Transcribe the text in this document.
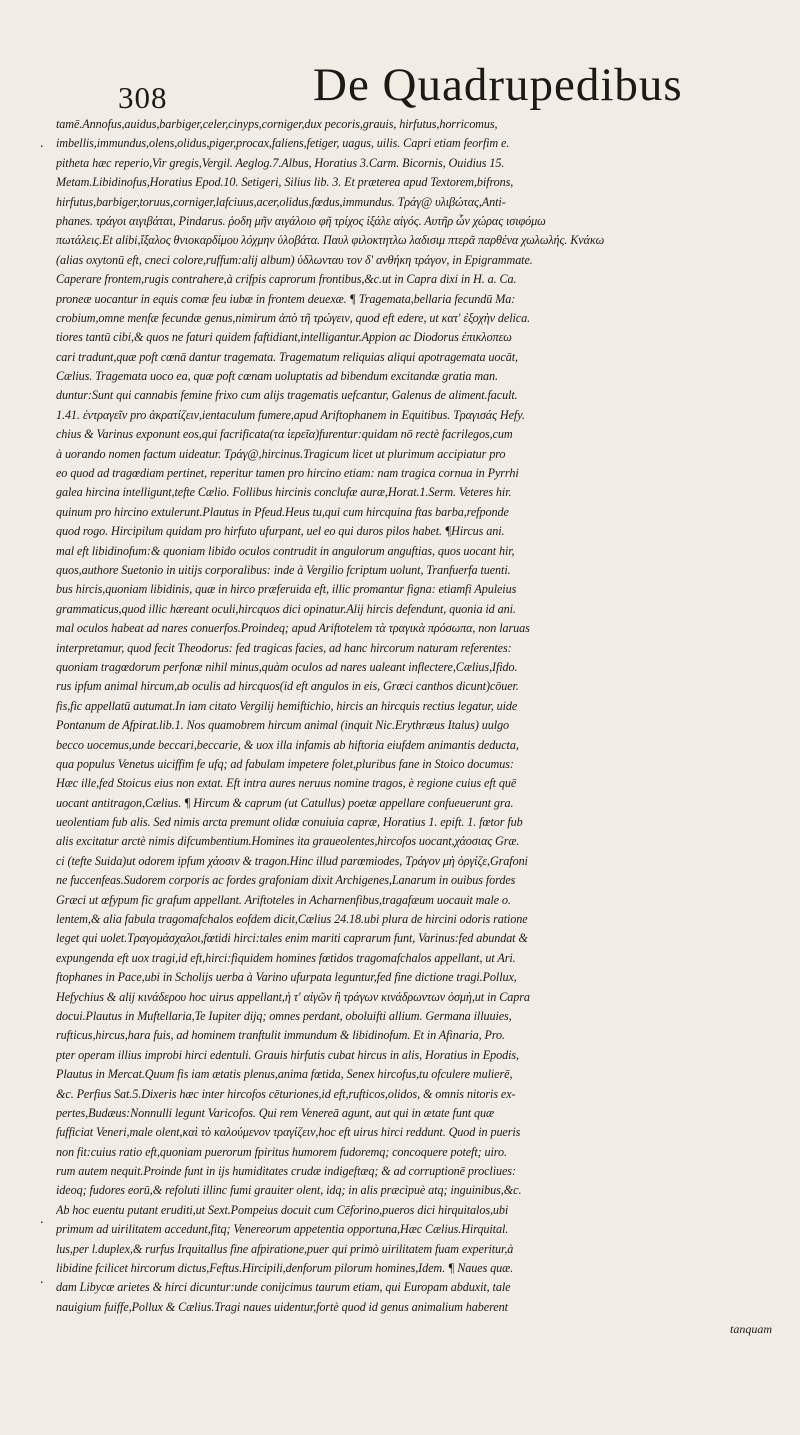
308	De Quadrupedibus
.
.
.
tamē.Annofus,auidus,barbiger,celer,cinyps,corniger,dux pecoris,grauis, hirfutus,horricomus,
imbellis,immundus,olens,olidus,piger,procax,faliens,fetiger, uagus, uilis. Capri etiam feorfim e.
pitheta hæc reperio,Vir gregis,Vergil. Aeglog.7.Albus, Horatius 3.Carm. Bicornis, Ouidius 15.
Metam.Libidinofus,Horatius Epod.10. Setigeri, Silius lib. 3. Et præterea apud Textorem,bifrons,
hirfutus,barbiger,toruus,corniger,lafciuus,acer,olidus,fœdus,immundus. Τράγ@ υλιβώτας,Anti-
phanes. τράγοι αιγιβάται, Pindarus. ῥοδη μῆν αιγάλοιο φῆ τρίχος ἰξάλε αἰγός. Αυτῆρ ὧν χώρας ισιφόμω
πωτάλεις.Et alibi,ἴξαλος θνιοκαρδίμου λόχμην ὑλοβάτα. Παυλ φιλοκτητλω λαδισιμ πτερᾶ παρθένα χωλωλής. Κνάκω
(alias oxytonū eft, cneci colore,ruffum:alij album) ὑδλωνταυ τον δ' ανθήκη τράγον, in Epigrammate.
Caperare frontem,rugis contrahere,à crifpis caprorum frontibus,&c.ut in Capra dixi in H. a. Ca.
proneæ uocantur in equis comæ feu iubæ in frontem deuexæ. ¶ Tragemata,bellaria fecundū Ma:
crobium,omne menfæ fecundæ genus,nimirum ἀπὸ τῆ τρώγειν, quod eft edere, ut κατ' ἐξοχὴν delica.
tiores tantū cibi,& quos ne faturi quidem faftidiant,intelligantur.Appion ac Diodorus ἐπικλοπεω
cari tradunt,quæ poft cœnā dantur tragemata. Tragematum reliquias aliqui apotragemata uocāt,
Cælius. Tragemata uoco ea, quæ poft cœnam uoluptatis ad bibendum excitandæ gratia man.
duntur:Sunt qui cannabis femine frixo cum alijs tragematis uefcantur, Galenus de aliment.facult.
1.41. ἐντραγεῖν pro ἀκρατίζειν,ientaculum fumere,apud Ariftophanem in Equitibus. Τραγισάς Hefy.
chius & Varinus exponunt eos,qui facrificata(τα ἱερεῖα)furentur:quidam nō rectè facrilegos,cum
à uorando nomen factum uideatur. Τράγ@,hircinus.Tragicum licet ut plurimum accipiatur pro
eo quod ad tragœdiam pertinet, reperitur tamen pro hircino etiam: nam tragica cornua in Pyrrhi
galea hircina intelligunt,tefte Cælio. Follibus hircinis conclufæ auræ,Horat.1.Serm. Veteres hir.
quinum pro hircino extulerunt.Plautus in Pfeud.Heus tu,qui cum hircquina ftas barba,refponde
quod rogo. Hircipilum quidam pro hirfuto ufurpant, uel eo qui duros pilos habet. ¶Hircus ani.
mal eft libidinofum:& quoniam libido oculos contrudit in angulorum anguftias, quos uocant hir,
quos,authore Suetonio in uitijs corporalibus: inde à Vergilio fcriptum uolunt, Tranfuerfa tuenti.
bus hircis,quoniam libidinis, quæ in hirco præferuida eft, illic promantur figna: etiamfi Apuleius
grammaticus,quod illic hæreant oculi,hircquos dici opinatur.Alij hircis defendunt, quonia id ani.
mal oculos habeat ad nares conuerfos.Proindeq; apud Ariftotelem τὰ τραγικὰ πρόσωπα, non laruas
interpretamur, quod fecit Theodorus: fed tragicas facies, ad hanc hircorum naturam referentes:
quoniam tragœdorum perfonæ nihil minus,quàm oculos ad nares ualeant inflectere,Cælius,Ifido.
rus ipfum animal hircum,ab oculis ad hircquos(id eft angulos in eis, Græci canthos dicunt)cōuer.
fis,fic appellatū autumat.In iam citato Vergilij hemiftichio, hircis an hircquis rectius legatur, uide
Pontanum de Afpirat.lib.1. Nos quamobrem hircum animal (inquit Nic.Erythræus Italus) uulgo
becco uocemus,unde beccari,beccarie, & uox illa infamis ab hiftoria eiufdem animantis deducta,
qua populus Venetus uiciffim fe ufq; ad fabulam impetere folet,pluribus fane in Stoico documus:
Hæc ille,fed Stoicus eius non extat. Eft intra aures neruus nomine tragos, è regione cuius eft quē
uocant antitragon,Cælius. ¶ Hircum & caprum (ut Catullus) poetæ appellare confueuerunt gra.
ueolentiam fub alis. Sed nimis arcta premunt olidæ conuiuia capræ, Horatius 1. epift. 1. fœtor fub
alis excitatur arctè nimis difcumbentium.Homines ita graueolentes,hircofos uocant,χάοσιας Græ.
ci (tefte Suida)ut odorem ipfum χάοσιν & tragon.Hinc illud parœmiodes, Τράγον μὴ ὀργίζε,Grafoni
ne fuccenfeas.Sudorem corporis ac fordes grafoniam dixit Archigenes,Lanarum in ouibus fordes
Græci ut œfypum fic grafum appellant. Ariftoteles in Acharnenfibus,tragafæum uocauit male o.
lentem,& alia fabula tragomafchalos eofdem dicit,Cælius 24.18.ubi plura de hircini odoris ratione
leget qui uolet.Τραγομάσχαλοι,fœtidi hirci:tales enim mariti caprarum funt, Varinus:fed abundat &
expungenda eft uox tragi,id eft,hirci:fiquidem homines fœtidos tragomafchalos appellant, ut Ari.
ftophanes in Pace,ubi in Scholijs uerba à Varino ufurpata leguntur,fed fine dictione tragi.Pollux,
Hefychius & alij κινάδερου hoc uirus appellant,ἡ τ' αἰγῶν ἢ τράγων κινάδρωντων ὀσμὴ,ut in Capra
docui.Plautus in Muftellaria,Te Iupiter dijq; omnes perdant, oboluifti allium. Germana illuuies,
rufticus,hircus,hara fuis, ad hominem tranftulit immundum & libidinofum. Et in Afinaria, Pro.
pter operam illius improbi hirci edentuli. Grauis hirfutis cubat hircus in alis, Horatius in Epodis,
Plautus in Mercat.Quum fis iam ætatis plenus,anima fœtida, Senex hircofus,tu ofculere mulierē,
&c. Perfius Sat.5.Dixeris hæc inter hircofos cēturiones,id eft,rufticos,olidos, & omnis nitoris ex-
pertes,Budæus:Nonnulli legunt Varicofos. Qui rem Venereā agunt, aut qui in ætate funt quæ
fufficiat Veneri,male olent,καὶ τὸ καλούμενον τραγίζειν,hoc eft uirus hirci reddunt. Quod in pueris
non fit:cuius ratio eft,quoniam puerorum fpiritus humorem fudoremq; concoquere poteft; uiro.
rum autem nequit.Proinde funt in ijs humiditates crudæ indigeftæq; & ad corruptionē procliues:
ideoq; fudores eorū,& refoluti illinc fumi grauiter olent, idq; in alis præcipuè atq; inguinibus,&c.
Ab hoc euentu putant eruditi,ut Sext.Pompeius docuit cum Cēforino,pueros dici hirquitalos,ubi
primum ad uirilitatem accedunt,fitq; Venereorum appetentia opportuna,Hæc Cælius.Hirquital.
lus,per l.duplex,& rurfus Irquitallus fine afpiratione,puer qui primò uirilitatem fuam experitur,à
libidine fcilicet hircorum dictus,Feftus.Hircipili,denforum pilorum homines,Idem. ¶ Naues quæ.
dam Libycæ arietes & hirci dicuntur:unde conijcimus taurum etiam, qui Europam abduxit, tale
nauigium fuiffe,Pollux & Cælius.Tragi naues uidentur,fortè quod id genus animalium haberent
tanquam
